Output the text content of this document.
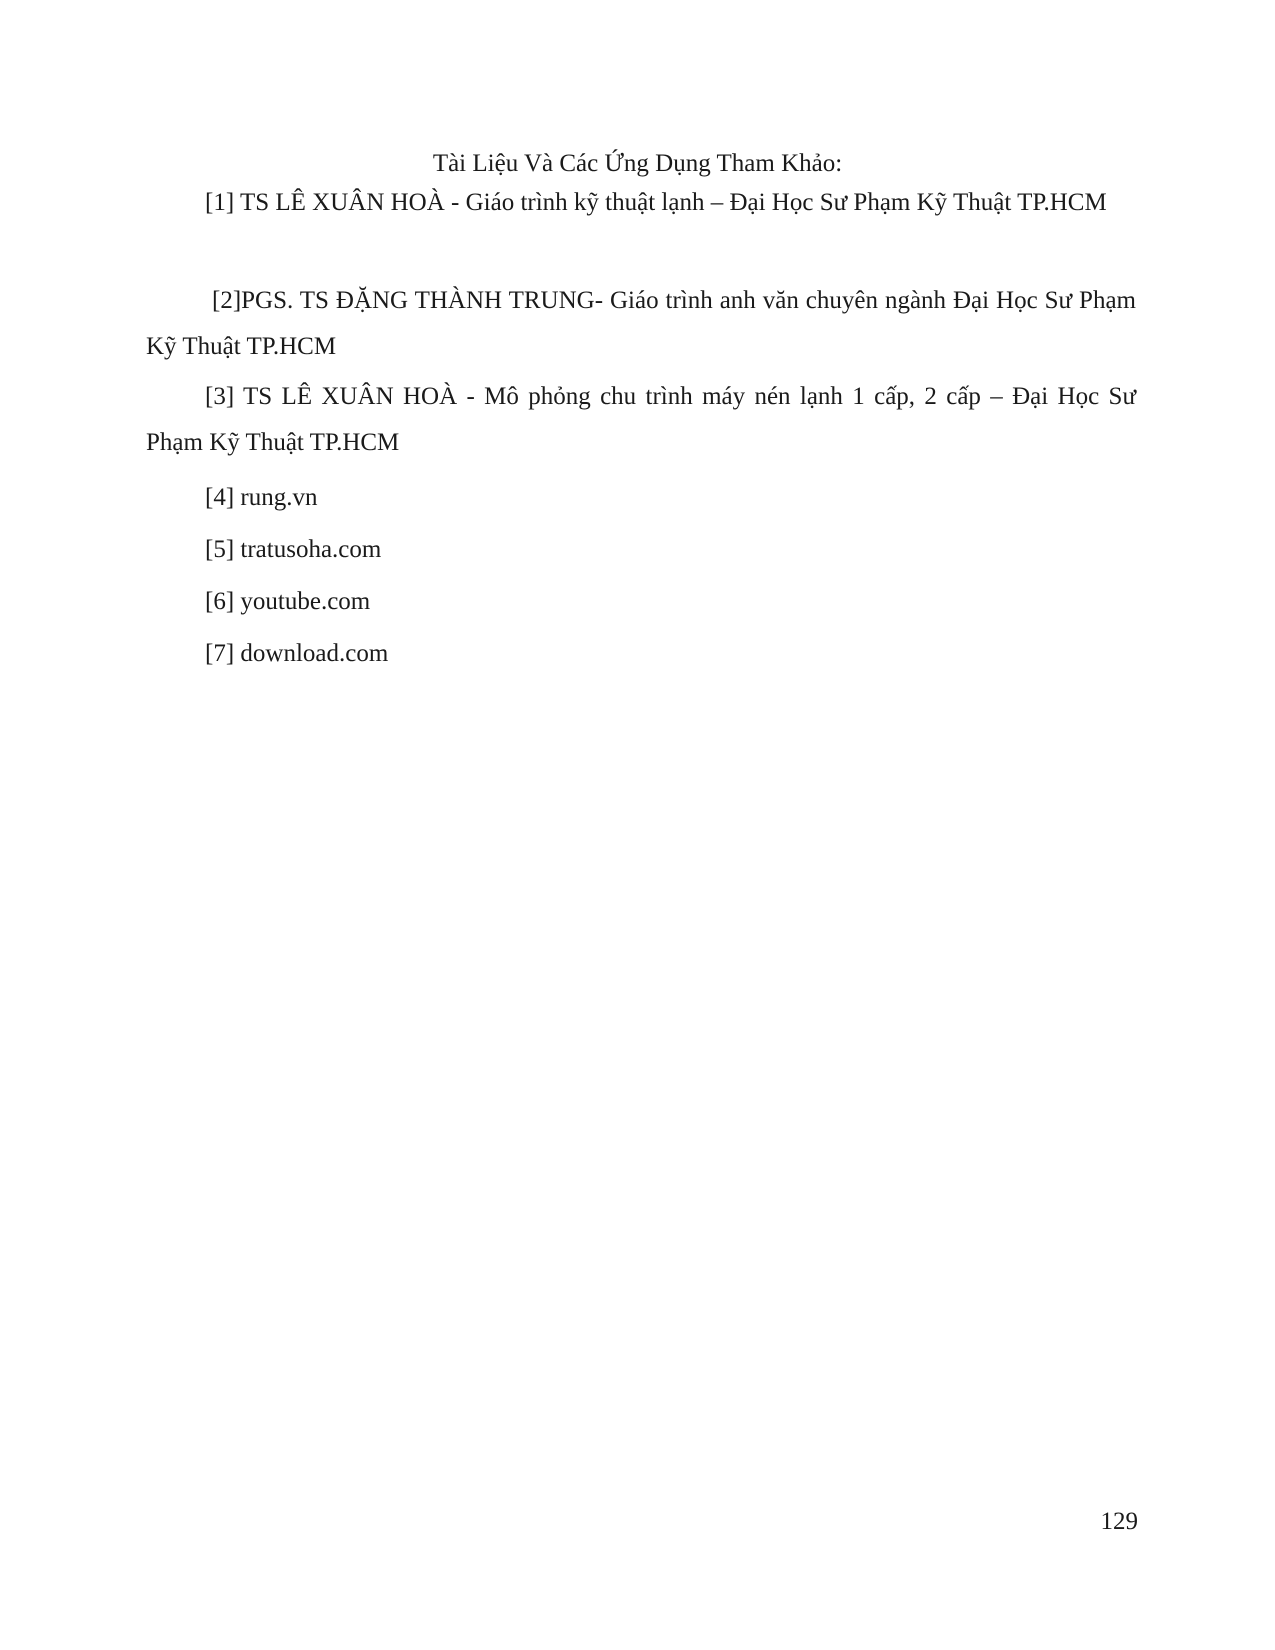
Tài Liệu Và Các Ứng Dụng Tham Khảo:
[1] TS LÊ XUÂN HOÀ - Giáo trình kỹ thuật lạnh – Đại Học Sư Phạm Kỹ Thuật TP.HCM
[2]PGS. TS ĐẶNG THÀNH TRUNG- Giáo trình anh văn chuyên ngành Đại Học Sư Phạm Kỹ Thuật TP.HCM
[3] TS LÊ XUÂN HOÀ - Mô phỏng chu trình máy nén lạnh 1 cấp, 2 cấp – Đại Học Sư Phạm Kỹ Thuật TP.HCM
[4] rung.vn
[5] tratusoha.com
[6] youtube.com
[7] download.com
129
